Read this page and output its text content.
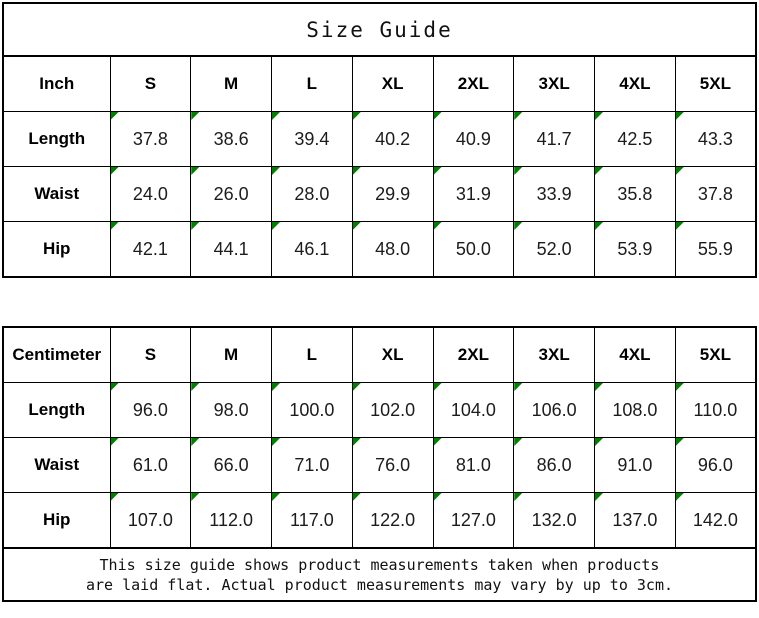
Size Guide
Inch	S	M	L	XL	2XL	3XL	4XL	5XL
Length	37.8	38.6	39.4	40.2	40.9	41.7	42.5	43.3
Waist	24.0	26.0	28.0	29.9	31.9	33.9	35.8	37.8
Hip	42.1	44.1	46.1	48.0	50.0	52.0	53.9	55.9
Centimeter	S	M	L	XL	2XL	3XL	4XL	5XL
Length	96.0	98.0	100.0	102.0	104.0	106.0	108.0	110.0
Waist	61.0	66.0	71.0	76.0	81.0	86.0	91.0	96.0
Hip	107.0	112.0	117.0	122.0	127.0	132.0	137.0	142.0
This size guide shows product measurements taken when products
are laid flat. Actual product measurements may vary by up to 3cm.
